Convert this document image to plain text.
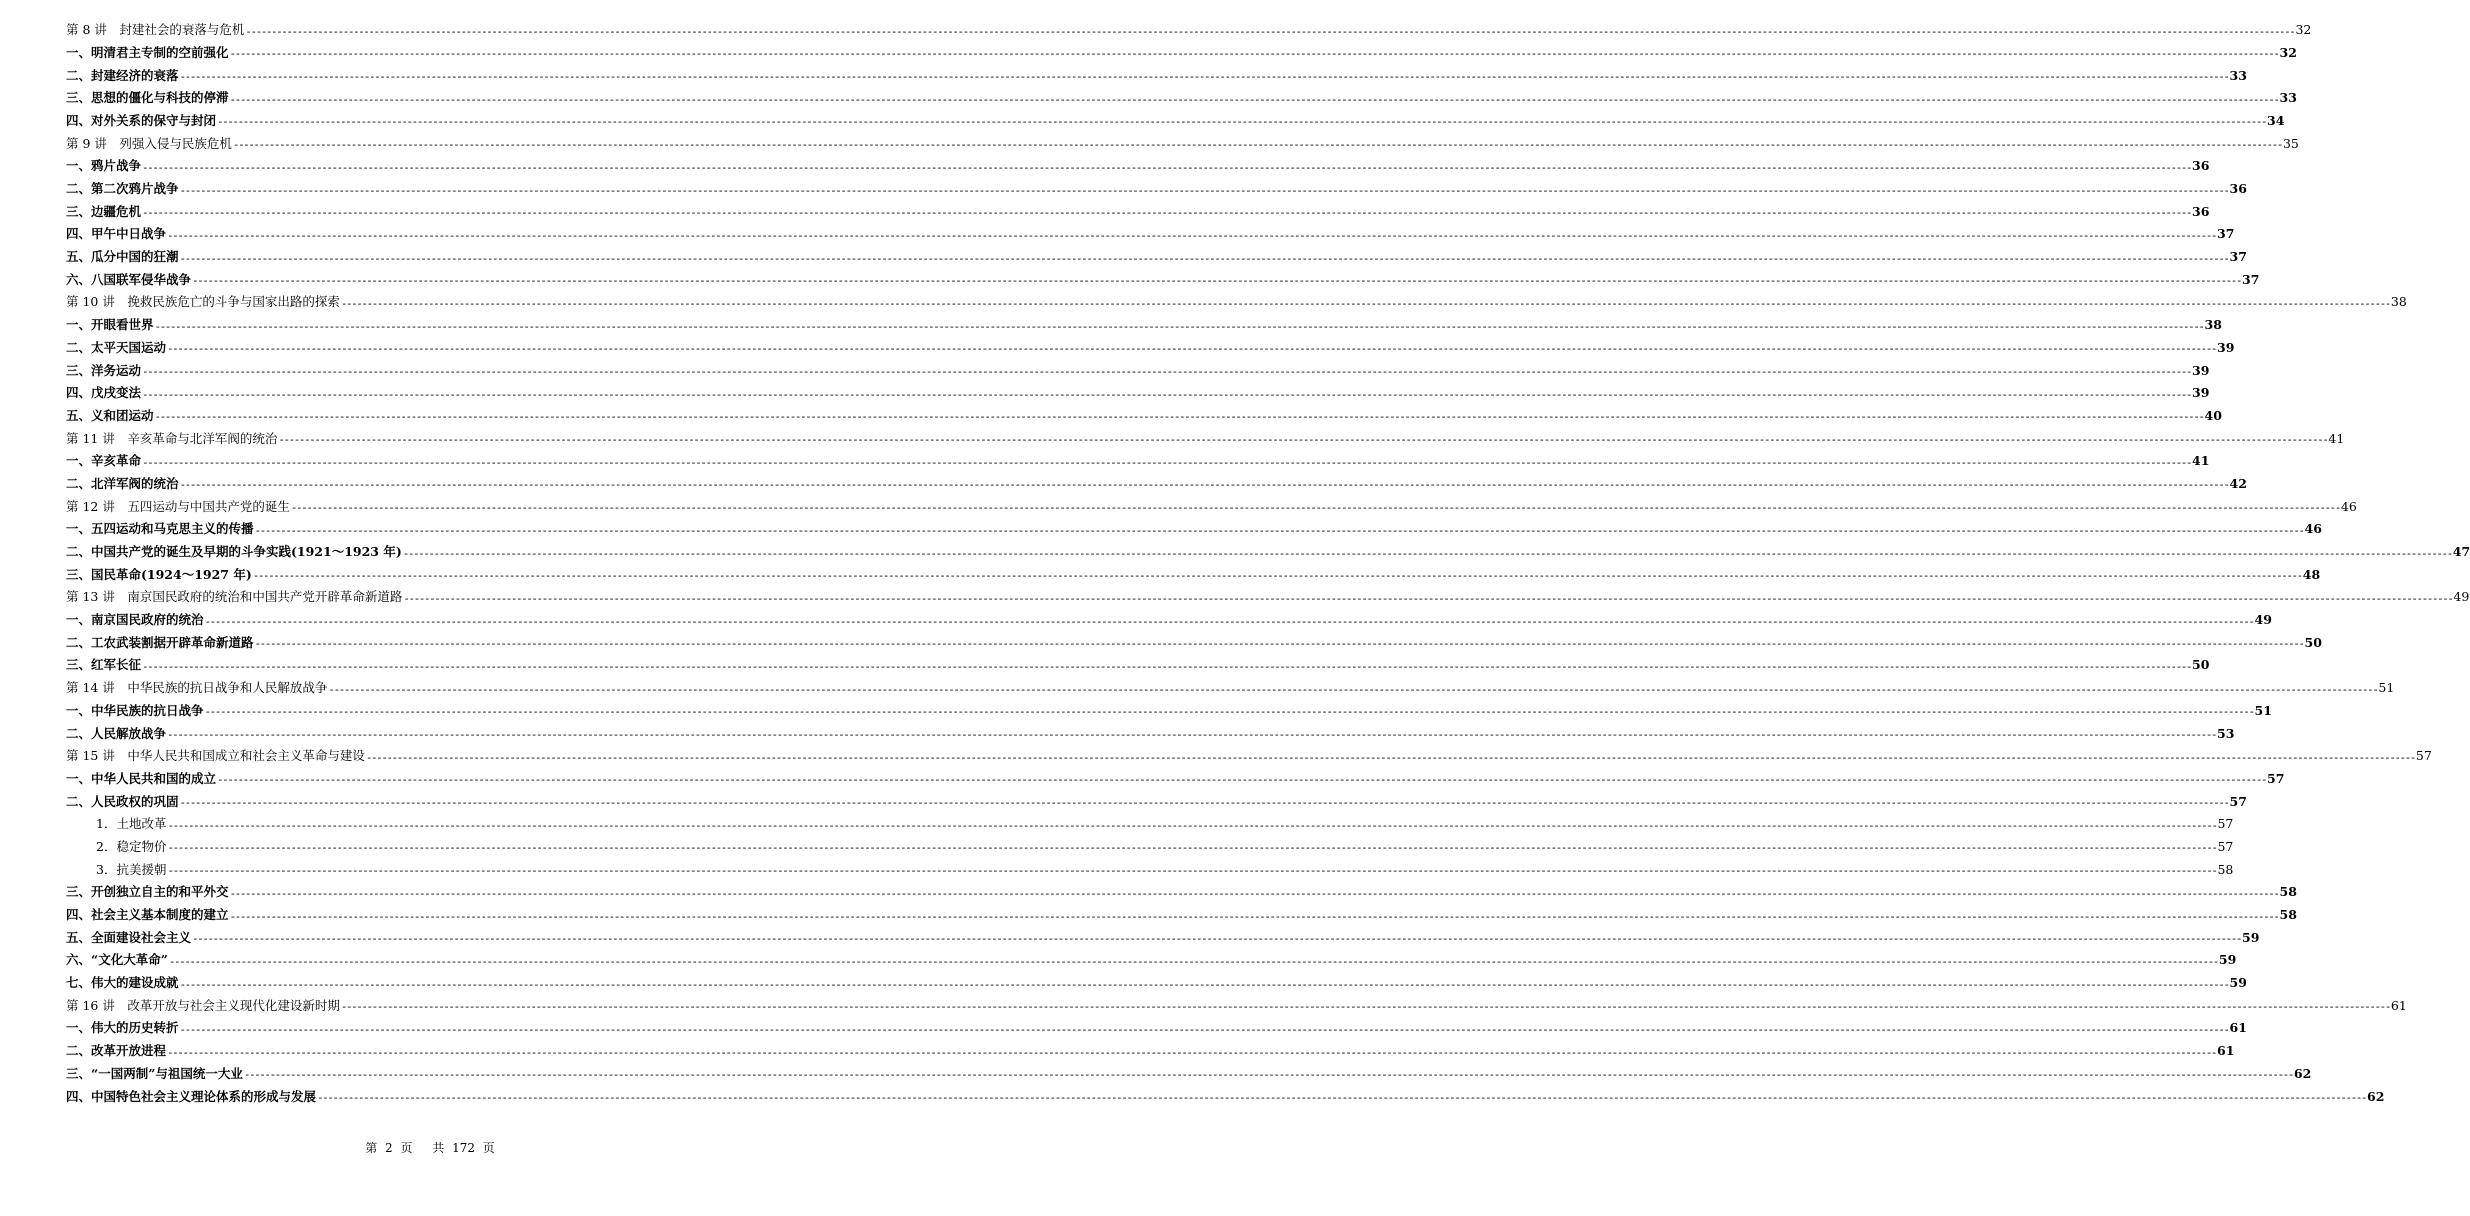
第 8 讲　封建社会的衰落与危机 ---------------------------------------------------------------------------------------------------------------------------------------------------------------------------------------------------------------------------------------------------------------------------------------------------------------------------------------------------------------------------------------------------------------- 32
一、明清君主专制的空前强化 ---------------------------------------------------------------------------------------------------------------------------------------------------------------------------------------------------------------------------------------------------------------------------------------------------------------------------------------------------------------------------------------------------------------- 32
二、封建经济的衰落 ---------------------------------------------------------------------------------------------------------------------------------------------------------------------------------------------------------------------------------------------------------------------------------------------------------------------------------------------------------------------------------------------------------------- 33
三、思想的僵化与科技的停滞 ---------------------------------------------------------------------------------------------------------------------------------------------------------------------------------------------------------------------------------------------------------------------------------------------------------------------------------------------------------------------------------------------------------------- 33
四、对外关系的保守与封闭 ---------------------------------------------------------------------------------------------------------------------------------------------------------------------------------------------------------------------------------------------------------------------------------------------------------------------------------------------------------------------------------------------------------------- 34
第 9 讲　列强入侵与民族危机 ---------------------------------------------------------------------------------------------------------------------------------------------------------------------------------------------------------------------------------------------------------------------------------------------------------------------------------------------------------------------------------------------------------------- 35
一、鸦片战争 ---------------------------------------------------------------------------------------------------------------------------------------------------------------------------------------------------------------------------------------------------------------------------------------------------------------------------------------------------------------------------------------------------------------- 36
二、第二次鸦片战争 ---------------------------------------------------------------------------------------------------------------------------------------------------------------------------------------------------------------------------------------------------------------------------------------------------------------------------------------------------------------------------------------------------------------- 36
三、边疆危机 ---------------------------------------------------------------------------------------------------------------------------------------------------------------------------------------------------------------------------------------------------------------------------------------------------------------------------------------------------------------------------------------------------------------- 36
四、甲午中日战争 ---------------------------------------------------------------------------------------------------------------------------------------------------------------------------------------------------------------------------------------------------------------------------------------------------------------------------------------------------------------------------------------------------------------- 37
五、瓜分中国的狂潮 ---------------------------------------------------------------------------------------------------------------------------------------------------------------------------------------------------------------------------------------------------------------------------------------------------------------------------------------------------------------------------------------------------------------- 37
六、八国联军侵华战争 ---------------------------------------------------------------------------------------------------------------------------------------------------------------------------------------------------------------------------------------------------------------------------------------------------------------------------------------------------------------------------------------------------------------- 37
第 10 讲　挽救民族危亡的斗争与国家出路的探索 ---------------------------------------------------------------------------------------------------------------------------------------------------------------------------------------------------------------------------------------------------------------------------------------------------------------------------------------------------------------------------------------------------------------- 38
一、开眼看世界 ---------------------------------------------------------------------------------------------------------------------------------------------------------------------------------------------------------------------------------------------------------------------------------------------------------------------------------------------------------------------------------------------------------------- 38
二、太平天国运动 ---------------------------------------------------------------------------------------------------------------------------------------------------------------------------------------------------------------------------------------------------------------------------------------------------------------------------------------------------------------------------------------------------------------- 39
三、洋务运动 ---------------------------------------------------------------------------------------------------------------------------------------------------------------------------------------------------------------------------------------------------------------------------------------------------------------------------------------------------------------------------------------------------------------- 39
四、戊戌变法 ---------------------------------------------------------------------------------------------------------------------------------------------------------------------------------------------------------------------------------------------------------------------------------------------------------------------------------------------------------------------------------------------------------------- 39
五、义和团运动 ---------------------------------------------------------------------------------------------------------------------------------------------------------------------------------------------------------------------------------------------------------------------------------------------------------------------------------------------------------------------------------------------------------------- 40
第 11 讲　辛亥革命与北洋军阀的统治 ---------------------------------------------------------------------------------------------------------------------------------------------------------------------------------------------------------------------------------------------------------------------------------------------------------------------------------------------------------------------------------------------------------------- 41
一、辛亥革命 ---------------------------------------------------------------------------------------------------------------------------------------------------------------------------------------------------------------------------------------------------------------------------------------------------------------------------------------------------------------------------------------------------------------- 41
二、北洋军阀的统治 ---------------------------------------------------------------------------------------------------------------------------------------------------------------------------------------------------------------------------------------------------------------------------------------------------------------------------------------------------------------------------------------------------------------- 42
第 12 讲　五四运动与中国共产党的诞生 ---------------------------------------------------------------------------------------------------------------------------------------------------------------------------------------------------------------------------------------------------------------------------------------------------------------------------------------------------------------------------------------------------------------- 46
一、五四运动和马克思主义的传播 ---------------------------------------------------------------------------------------------------------------------------------------------------------------------------------------------------------------------------------------------------------------------------------------------------------------------------------------------------------------------------------------------------------------- 46
二、中国共产党的诞生及早期的斗争实践(1921～1923 年) ---------------------------------------------------------------------------------------------------------------------------------------------------------------------------------------------------------------------------------------------------------------------------------------------------------------------------------------------------------------------------------------------------------------- 47
三、国民革命(1924～1927 年) ---------------------------------------------------------------------------------------------------------------------------------------------------------------------------------------------------------------------------------------------------------------------------------------------------------------------------------------------------------------------------------------------------------------- 48
第 13 讲　南京国民政府的统治和中国共产党开辟革命新道路 ---------------------------------------------------------------------------------------------------------------------------------------------------------------------------------------------------------------------------------------------------------------------------------------------------------------------------------------------------------------------------------------------------------------- 49
一、南京国民政府的统治 ---------------------------------------------------------------------------------------------------------------------------------------------------------------------------------------------------------------------------------------------------------------------------------------------------------------------------------------------------------------------------------------------------------------- 49
二、工农武装割据开辟革命新道路 ---------------------------------------------------------------------------------------------------------------------------------------------------------------------------------------------------------------------------------------------------------------------------------------------------------------------------------------------------------------------------------------------------------------- 50
三、红军长征 ---------------------------------------------------------------------------------------------------------------------------------------------------------------------------------------------------------------------------------------------------------------------------------------------------------------------------------------------------------------------------------------------------------------- 50
第 14 讲　中华民族的抗日战争和人民解放战争 ---------------------------------------------------------------------------------------------------------------------------------------------------------------------------------------------------------------------------------------------------------------------------------------------------------------------------------------------------------------------------------------------------------------- 51
一、中华民族的抗日战争 ---------------------------------------------------------------------------------------------------------------------------------------------------------------------------------------------------------------------------------------------------------------------------------------------------------------------------------------------------------------------------------------------------------------- 51
二、人民解放战争 ---------------------------------------------------------------------------------------------------------------------------------------------------------------------------------------------------------------------------------------------------------------------------------------------------------------------------------------------------------------------------------------------------------------- 53
第 15 讲　中华人民共和国成立和社会主义革命与建设 ---------------------------------------------------------------------------------------------------------------------------------------------------------------------------------------------------------------------------------------------------------------------------------------------------------------------------------------------------------------------------------------------------------------- 57
一、中华人民共和国的成立 ---------------------------------------------------------------------------------------------------------------------------------------------------------------------------------------------------------------------------------------------------------------------------------------------------------------------------------------------------------------------------------------------------------------- 57
二、人民政权的巩固 ---------------------------------------------------------------------------------------------------------------------------------------------------------------------------------------------------------------------------------------------------------------------------------------------------------------------------------------------------------------------------------------------------------------- 57
1．土地改革 ---------------------------------------------------------------------------------------------------------------------------------------------------------------------------------------------------------------------------------------------------------------------------------------------------------------------------------------------------------------------------------------------------------------- 57
2．稳定物价 ---------------------------------------------------------------------------------------------------------------------------------------------------------------------------------------------------------------------------------------------------------------------------------------------------------------------------------------------------------------------------------------------------------------- 57
3．抗美援朝 ---------------------------------------------------------------------------------------------------------------------------------------------------------------------------------------------------------------------------------------------------------------------------------------------------------------------------------------------------------------------------------------------------------------- 58
三、开创独立自主的和平外交 ---------------------------------------------------------------------------------------------------------------------------------------------------------------------------------------------------------------------------------------------------------------------------------------------------------------------------------------------------------------------------------------------------------------- 58
四、社会主义基本制度的建立 ---------------------------------------------------------------------------------------------------------------------------------------------------------------------------------------------------------------------------------------------------------------------------------------------------------------------------------------------------------------------------------------------------------------- 58
五、全面建设社会主义 ---------------------------------------------------------------------------------------------------------------------------------------------------------------------------------------------------------------------------------------------------------------------------------------------------------------------------------------------------------------------------------------------------------------- 59
六、“文化大革命” ---------------------------------------------------------------------------------------------------------------------------------------------------------------------------------------------------------------------------------------------------------------------------------------------------------------------------------------------------------------------------------------------------------------- 59
七、伟大的建设成就 ---------------------------------------------------------------------------------------------------------------------------------------------------------------------------------------------------------------------------------------------------------------------------------------------------------------------------------------------------------------------------------------------------------------- 59
第 16 讲　改革开放与社会主义现代化建设新时期 ---------------------------------------------------------------------------------------------------------------------------------------------------------------------------------------------------------------------------------------------------------------------------------------------------------------------------------------------------------------------------------------------------------------- 61
一、伟大的历史转折 ---------------------------------------------------------------------------------------------------------------------------------------------------------------------------------------------------------------------------------------------------------------------------------------------------------------------------------------------------------------------------------------------------------------- 61
二、改革开放进程 ---------------------------------------------------------------------------------------------------------------------------------------------------------------------------------------------------------------------------------------------------------------------------------------------------------------------------------------------------------------------------------------------------------------- 61
三、“一国两制”与祖国统一大业 ---------------------------------------------------------------------------------------------------------------------------------------------------------------------------------------------------------------------------------------------------------------------------------------------------------------------------------------------------------------------------------------------------------------- 62
四、中国特色社会主义理论体系的形成与发展 ---------------------------------------------------------------------------------------------------------------------------------------------------------------------------------------------------------------------------------------------------------------------------------------------------------------------------------------------------------------------------------------------------------------- 62
第 2 页　 共 172 页
